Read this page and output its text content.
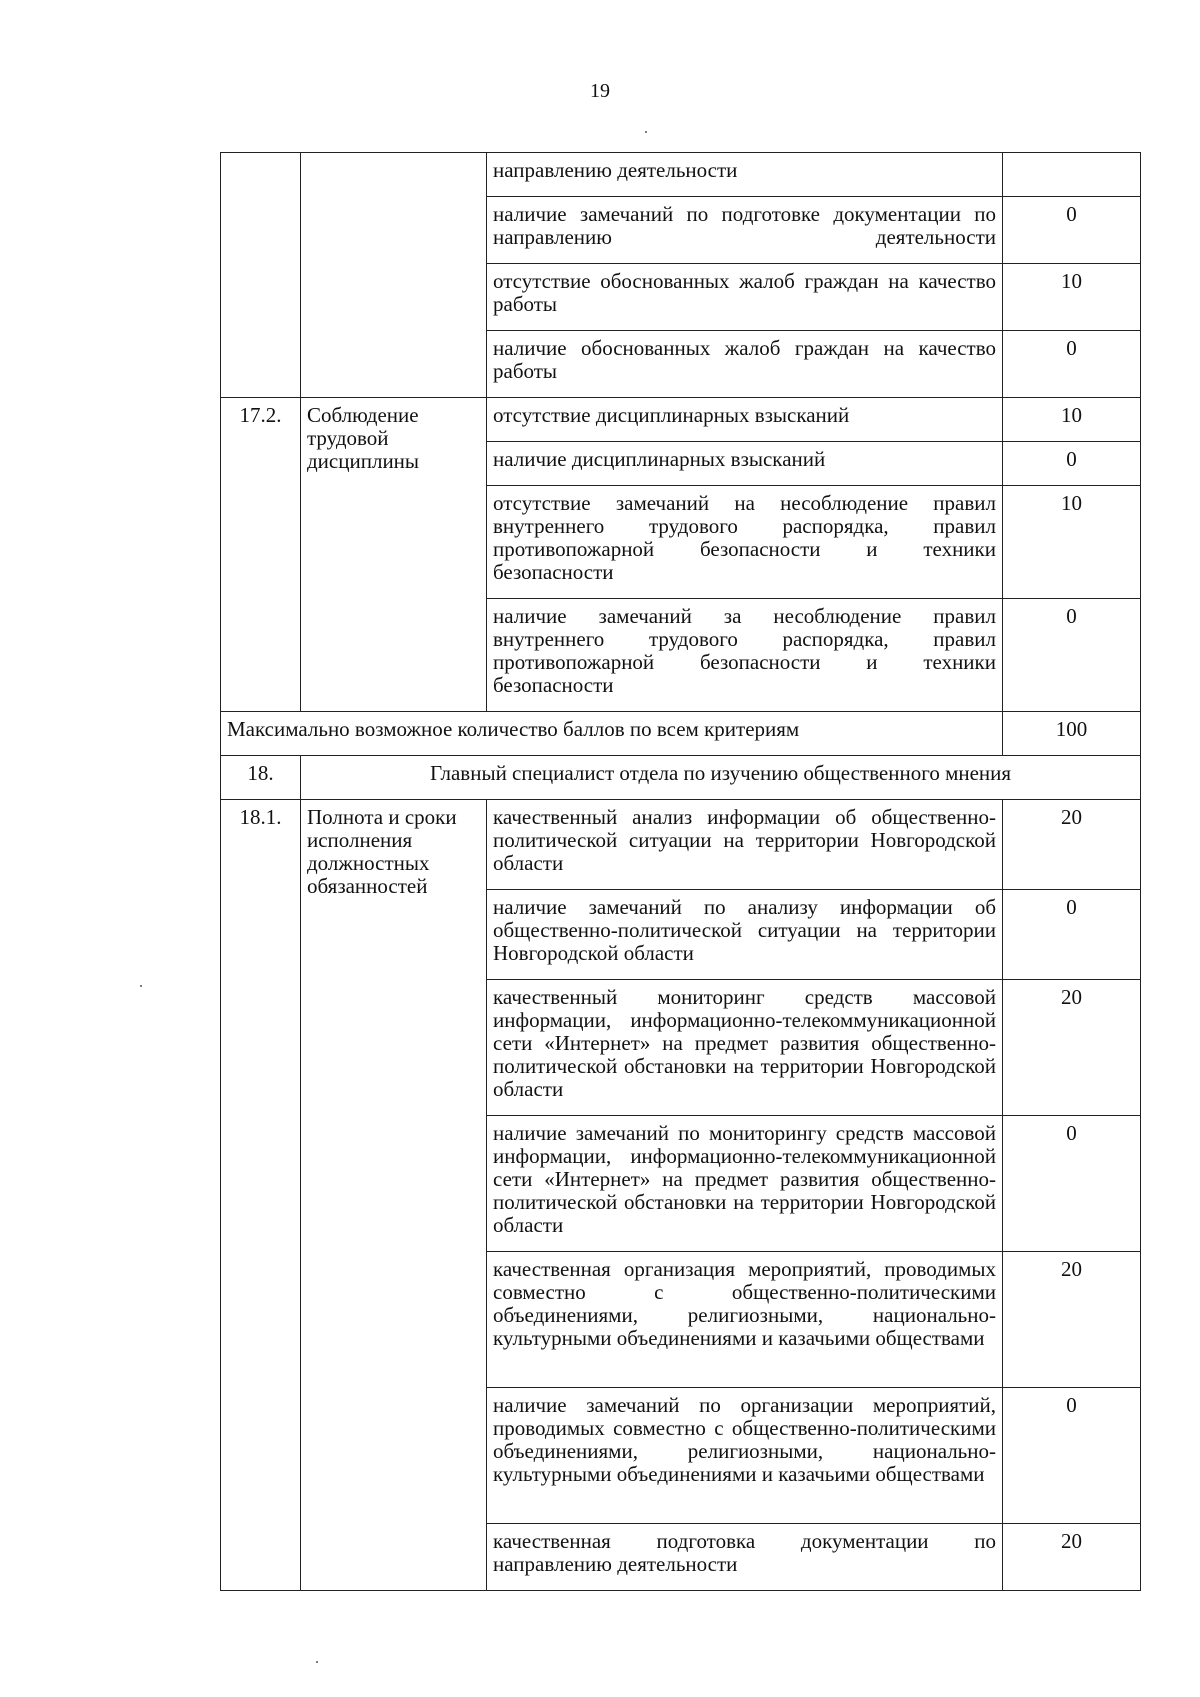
19
		направлению деятельности	
		наличие замечаний по подготовке документации по направлению деятельности	0
		отсутствие обоснованных жалоб граждан на качество работы	10
		наличие обоснованных жалоб граждан на качество работы	0
17.2.	Соблюдение трудовой дисциплины	отсутствие дисциплинарных взысканий	10
		наличие дисциплинарных взысканий	0
		отсутствие замечаний на несоблюдение правил внутреннего трудового распорядка, правил противопожарной безопасности и техники безопасности	10
		наличие замечаний за несоблюдение правил внутреннего трудового распорядка, правил противопожарной безопасности и техники безопасности	0
Максимально возможное количество баллов по всем критериям			100
18.	Главный специалист отдела по изучению общественного мнения		
18.1.	Полнота и сроки исполнения должностных обязанностей	качественный анализ информации об общественно-политической ситуации на территории Новгородской области	20
		наличие замечаний по анализу информации об общественно-политической ситуации на территории Новгородской области	0
		качественный мониторинг средств массовой информации, информационно-телекоммуникационной сети «Интернет» на предмет развития общественно-политической обстановки на территории Новгородской области	20
		наличие замечаний по мониторингу средств массовой информации, информационно-телекоммуникационной сети «Интернет» на предмет развития общественно-политической обстановки на территории Новгородской области	0
		качественная организация мероприятий, проводимых совместно с общественно-политическими объединениями, религиозными, национально-культурными объединениями и казачьими обществами	20
		наличие замечаний по организации мероприятий, проводимых совместно с общественно-политическими объединениями, религиозными, национально-культурными объединениями и казачьими обществами	0
		качественная подготовка документации по направлению деятельности	20
